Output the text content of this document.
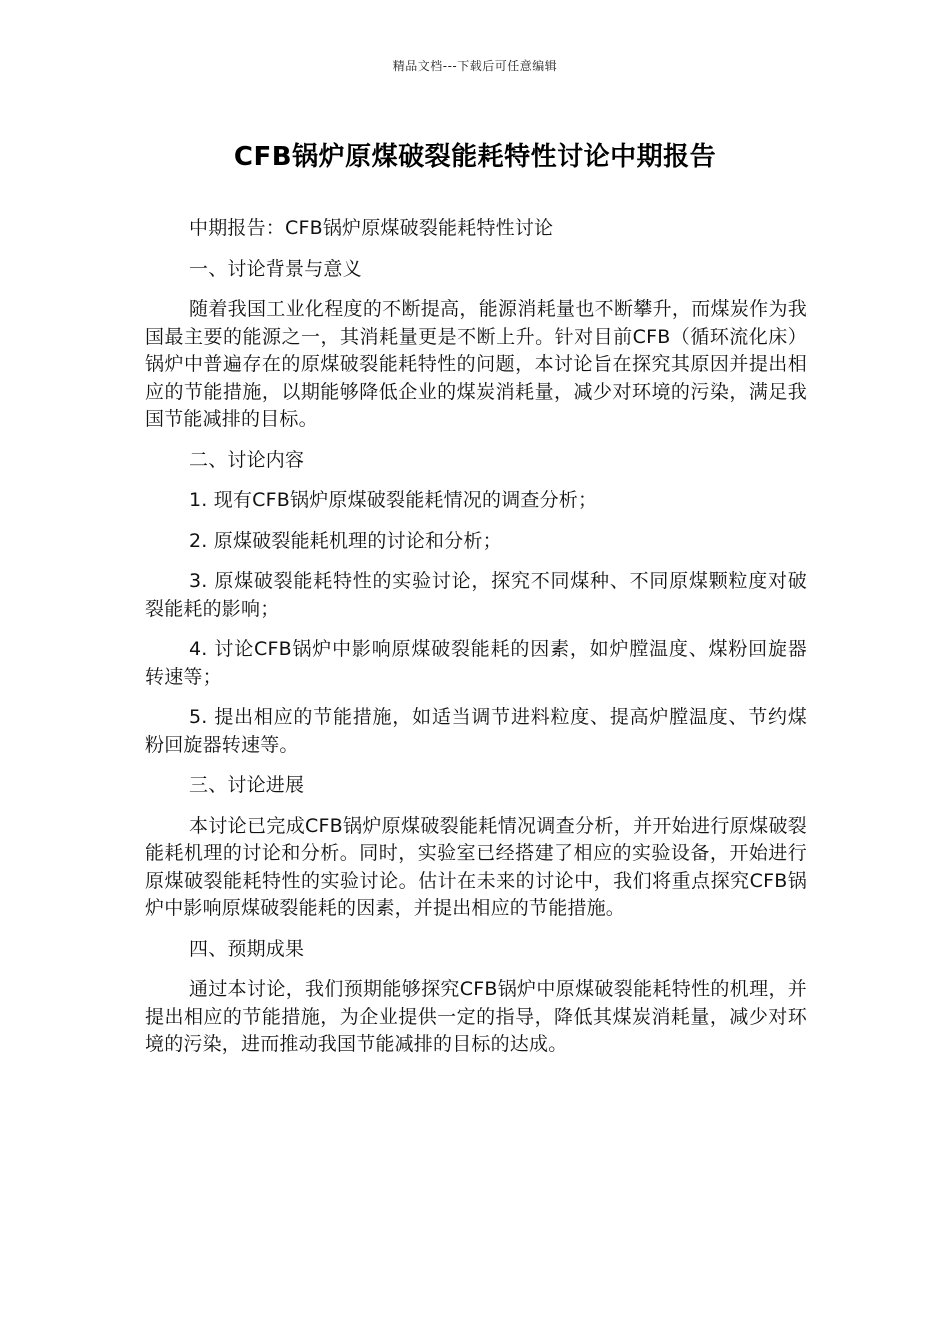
精品文档---下载后可任意编辑
CFB锅炉原煤破裂能耗特性讨论中期报告

中期报告：CFB锅炉原煤破裂能耗特性讨论

一、讨论背景与意义

随着我国工业化程度的不断提高，能源消耗量也不断攀升，而煤炭作为我国最主要的能源之一，其消耗量更是不断上升。针对目前CFB（循环流化床）锅炉中普遍存在的原煤破裂能耗特性的问题，本讨论旨在探究其原因并提出相应的节能措施，以期能够降低企业的煤炭消耗量，减少对环境的污染，满足我国节能减排的目标。

二、讨论内容

1. 现有CFB锅炉原煤破裂能耗情况的调查分析；

2. 原煤破裂能耗机理的讨论和分析；

3. 原煤破裂能耗特性的实验讨论，探究不同煤种、不同原煤颗粒度对破裂能耗的影响；

4. 讨论CFB锅炉中影响原煤破裂能耗的因素，如炉膛温度、煤粉回旋器转速等；

5. 提出相应的节能措施，如适当调节进料粒度、提高炉膛温度、节约煤粉回旋器转速等。

三、讨论进展

本讨论已完成CFB锅炉原煤破裂能耗情况调查分析，并开始进行原煤破裂能耗机理的讨论和分析。同时，实验室已经搭建了相应的实验设备，开始进行原煤破裂能耗特性的实验讨论。估计在未来的讨论中，我们将重点探究CFB锅炉中影响原煤破裂能耗的因素，并提出相应的节能措施。

四、预期成果

通过本讨论，我们预期能够探究CFB锅炉中原煤破裂能耗特性的机理，并提出相应的节能措施，为企业提供一定的指导，降低其煤炭消耗量，减少对环境的污染，进而推动我国节能减排的目标的达成。
